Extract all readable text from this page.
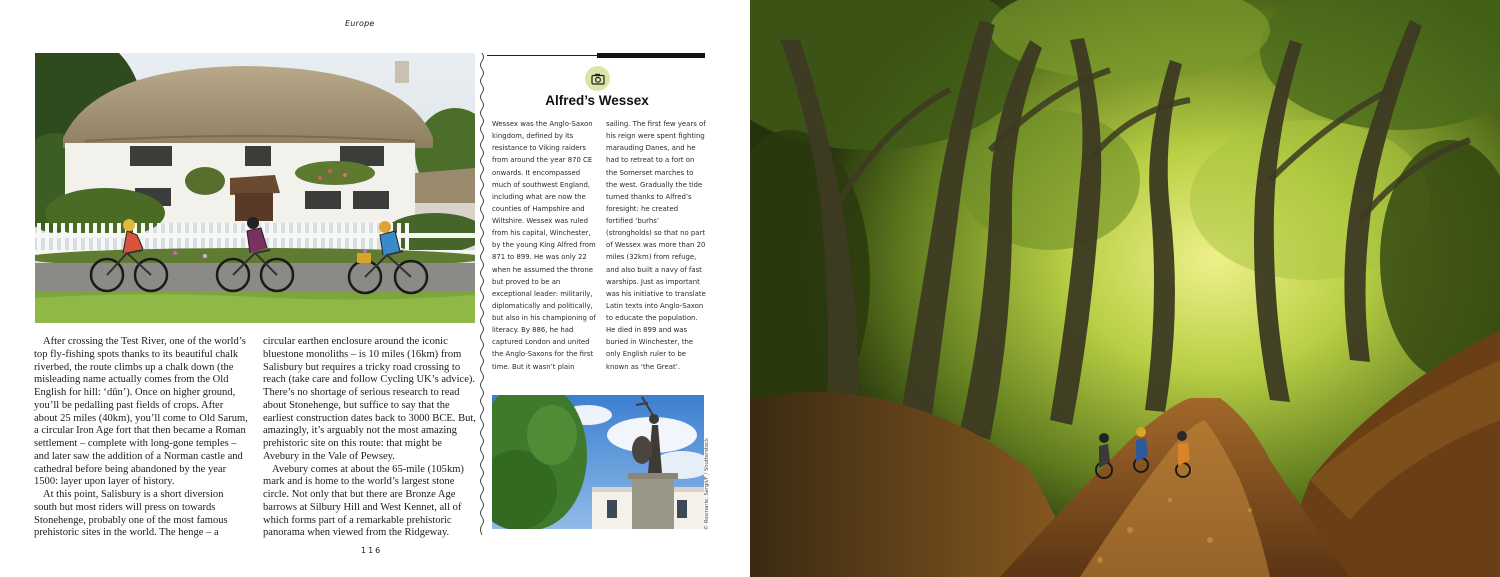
Europe

After crossing the Test River, one of the world’s top fly-fishing spots thanks to its beautiful chalk riverbed, the route climbs up a chalk down (the misleading name actually comes from the Old English for hill: ‘dūn’). Once on higher ground, you’ll be pedalling past fields of crops. After about 25 miles (40km), you’ll come to Old Sarum, a circular Iron Age fort that then became a Roman settlement – complete with long-gone temples – and later saw the addition of a Norman castle and cathedral before being abandoned by the year 1500: layer upon layer of history.

At this point, Salisbury is a short diversion south but most riders will press on towards Stonehenge, probably one of the most famous prehistoric sites in the world. The henge – a

circular earthen enclosure around the iconic bluestone monoliths – is 10 miles (16km) from Salisbury but requires a tricky road crossing to reach (take care and follow Cycling UK’s advice). There’s no shortage of serious research to read about Stonehenge, but suffice to say that the earliest construction dates back to 3000 BCE. But, amazingly, it’s arguably not the most amazing prehistoric site on this route: that might be Avebury in the Vale of Pewsey.

Avebury comes at about the 65-mile (105km) mark and is home to the world’s largest stone circle. Not only that but there are Bronze Age barrows at Silbury Hill and West Kennet, all of which forms part of a remarkable prehistoric panorama when viewed from the Ridgeway.

Alfred’s Wessex
Wessex was the Anglo-Saxon kingdom, defined by its resistance to Viking raiders from around the year 870 CE onwards. It encompassed much of southwest England, including what are now the counties of Hampshire and Wiltshire. Wessex was ruled from his capital, Winchester, by the young King Alfred from 871 to 899. He was only 22 when he assumed the throne but proved to be an exceptional leader: militarily, diplomatically and politically, but also in his championing of literacy. By 886, he had captured London and united the Anglo-Saxons for the first time. But it wasn’t plain
sailing. The first few years of his reign were spent fighting marauding Danes, and he had to retreat to a fort on the Somerset marches to the west. Gradually the tide turned thanks to Alfred’s foresight: he created fortified ‘burhs’ (strongholds) so that no part of Wessex was more than 20 miles (32km) from refuge, and also built a navy of fast warships. Just as important was his initiative to translate Latin texts into Anglo-Saxon to educate the population. He died in 899 and was buried in Winchester, the only English ruler to be known as ‘the Great’.
© Rosmarie; Sergii/F / Shutterstock
116
